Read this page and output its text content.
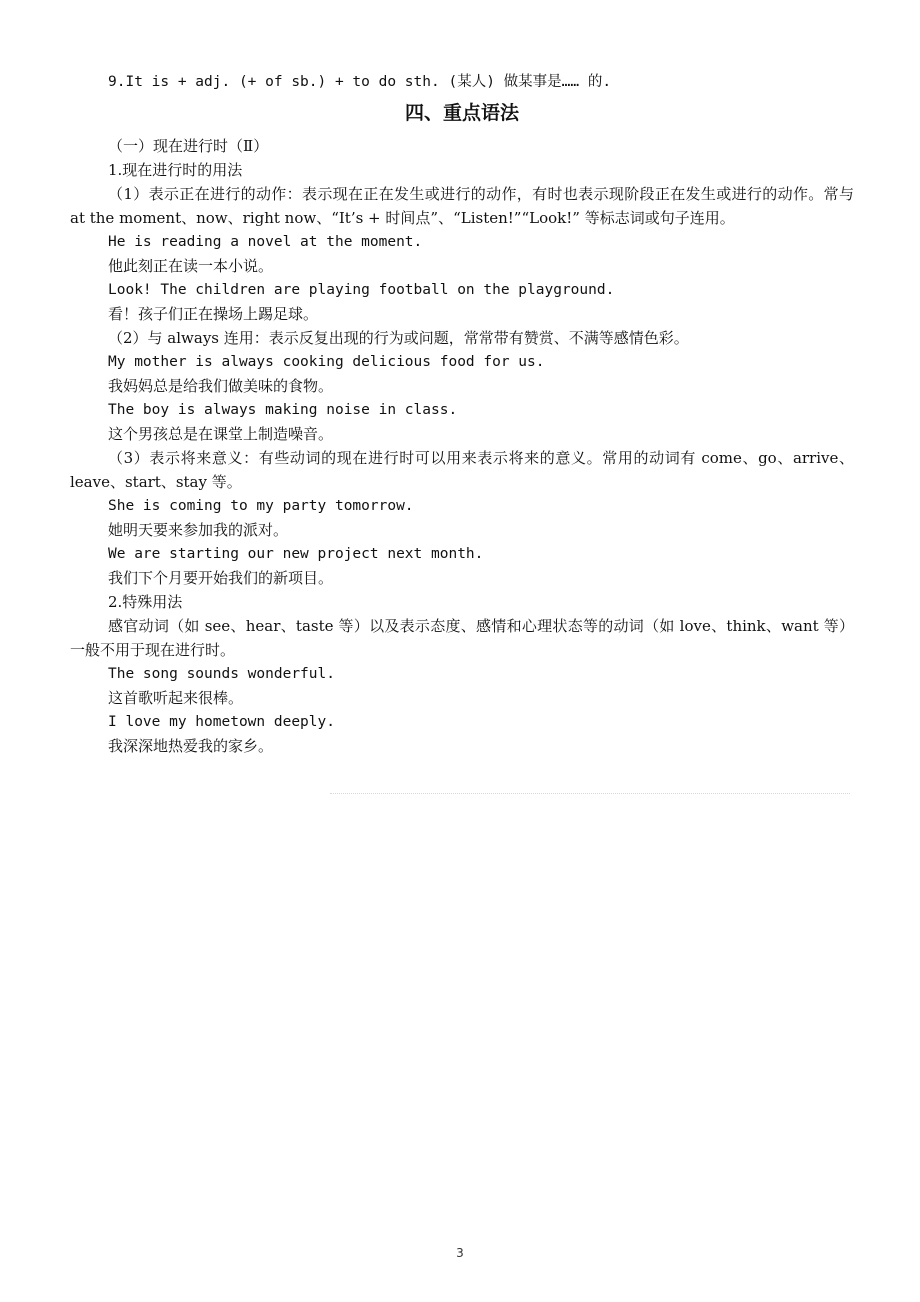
9.It is + adj. (+ of sb.) + to do sth. (某人) 做某事是…… 的.
四、重点语法
（一）现在进行时（Ⅱ）
1.现在进行时的用法
（1）表示正在进行的动作：表示现在正在发生或进行的动作，有时也表示现阶段正在发生或进行的动作。常与 at the moment、now、right now、“It’s + 时间点”、“Listen!”“Look!” 等标志词或句子连用。
He is reading a novel at the moment.
他此刻正在读一本小说。
Look! The children are playing football on the playground.
看！孩子们正在操场上踢足球。
（2）与 always 连用：表示反复出现的行为或问题，常常带有赞赏、不满等感情色彩。
My mother is always cooking delicious food for us.
我妈妈总是给我们做美味的食物。
The boy is always making noise in class.
这个男孩总是在课堂上制造噪音。
（3）表示将来意义：有些动词的现在进行时可以用来表示将来的意义。常用的动词有 come、go、arrive、leave、start、stay 等。
She is coming to my party tomorrow.
她明天要来参加我的派对。
We are starting our new project next month.
我们下个月要开始我们的新项目。
2.特殊用法
感官动词（如 see、hear、taste 等）以及表示态度、感情和心理状态等的动词（如 love、think、want 等）一般不用于现在进行时。
The song sounds wonderful.
这首歌听起来很棒。
I love my hometown deeply.
我深深地热爱我的家乡。
3
